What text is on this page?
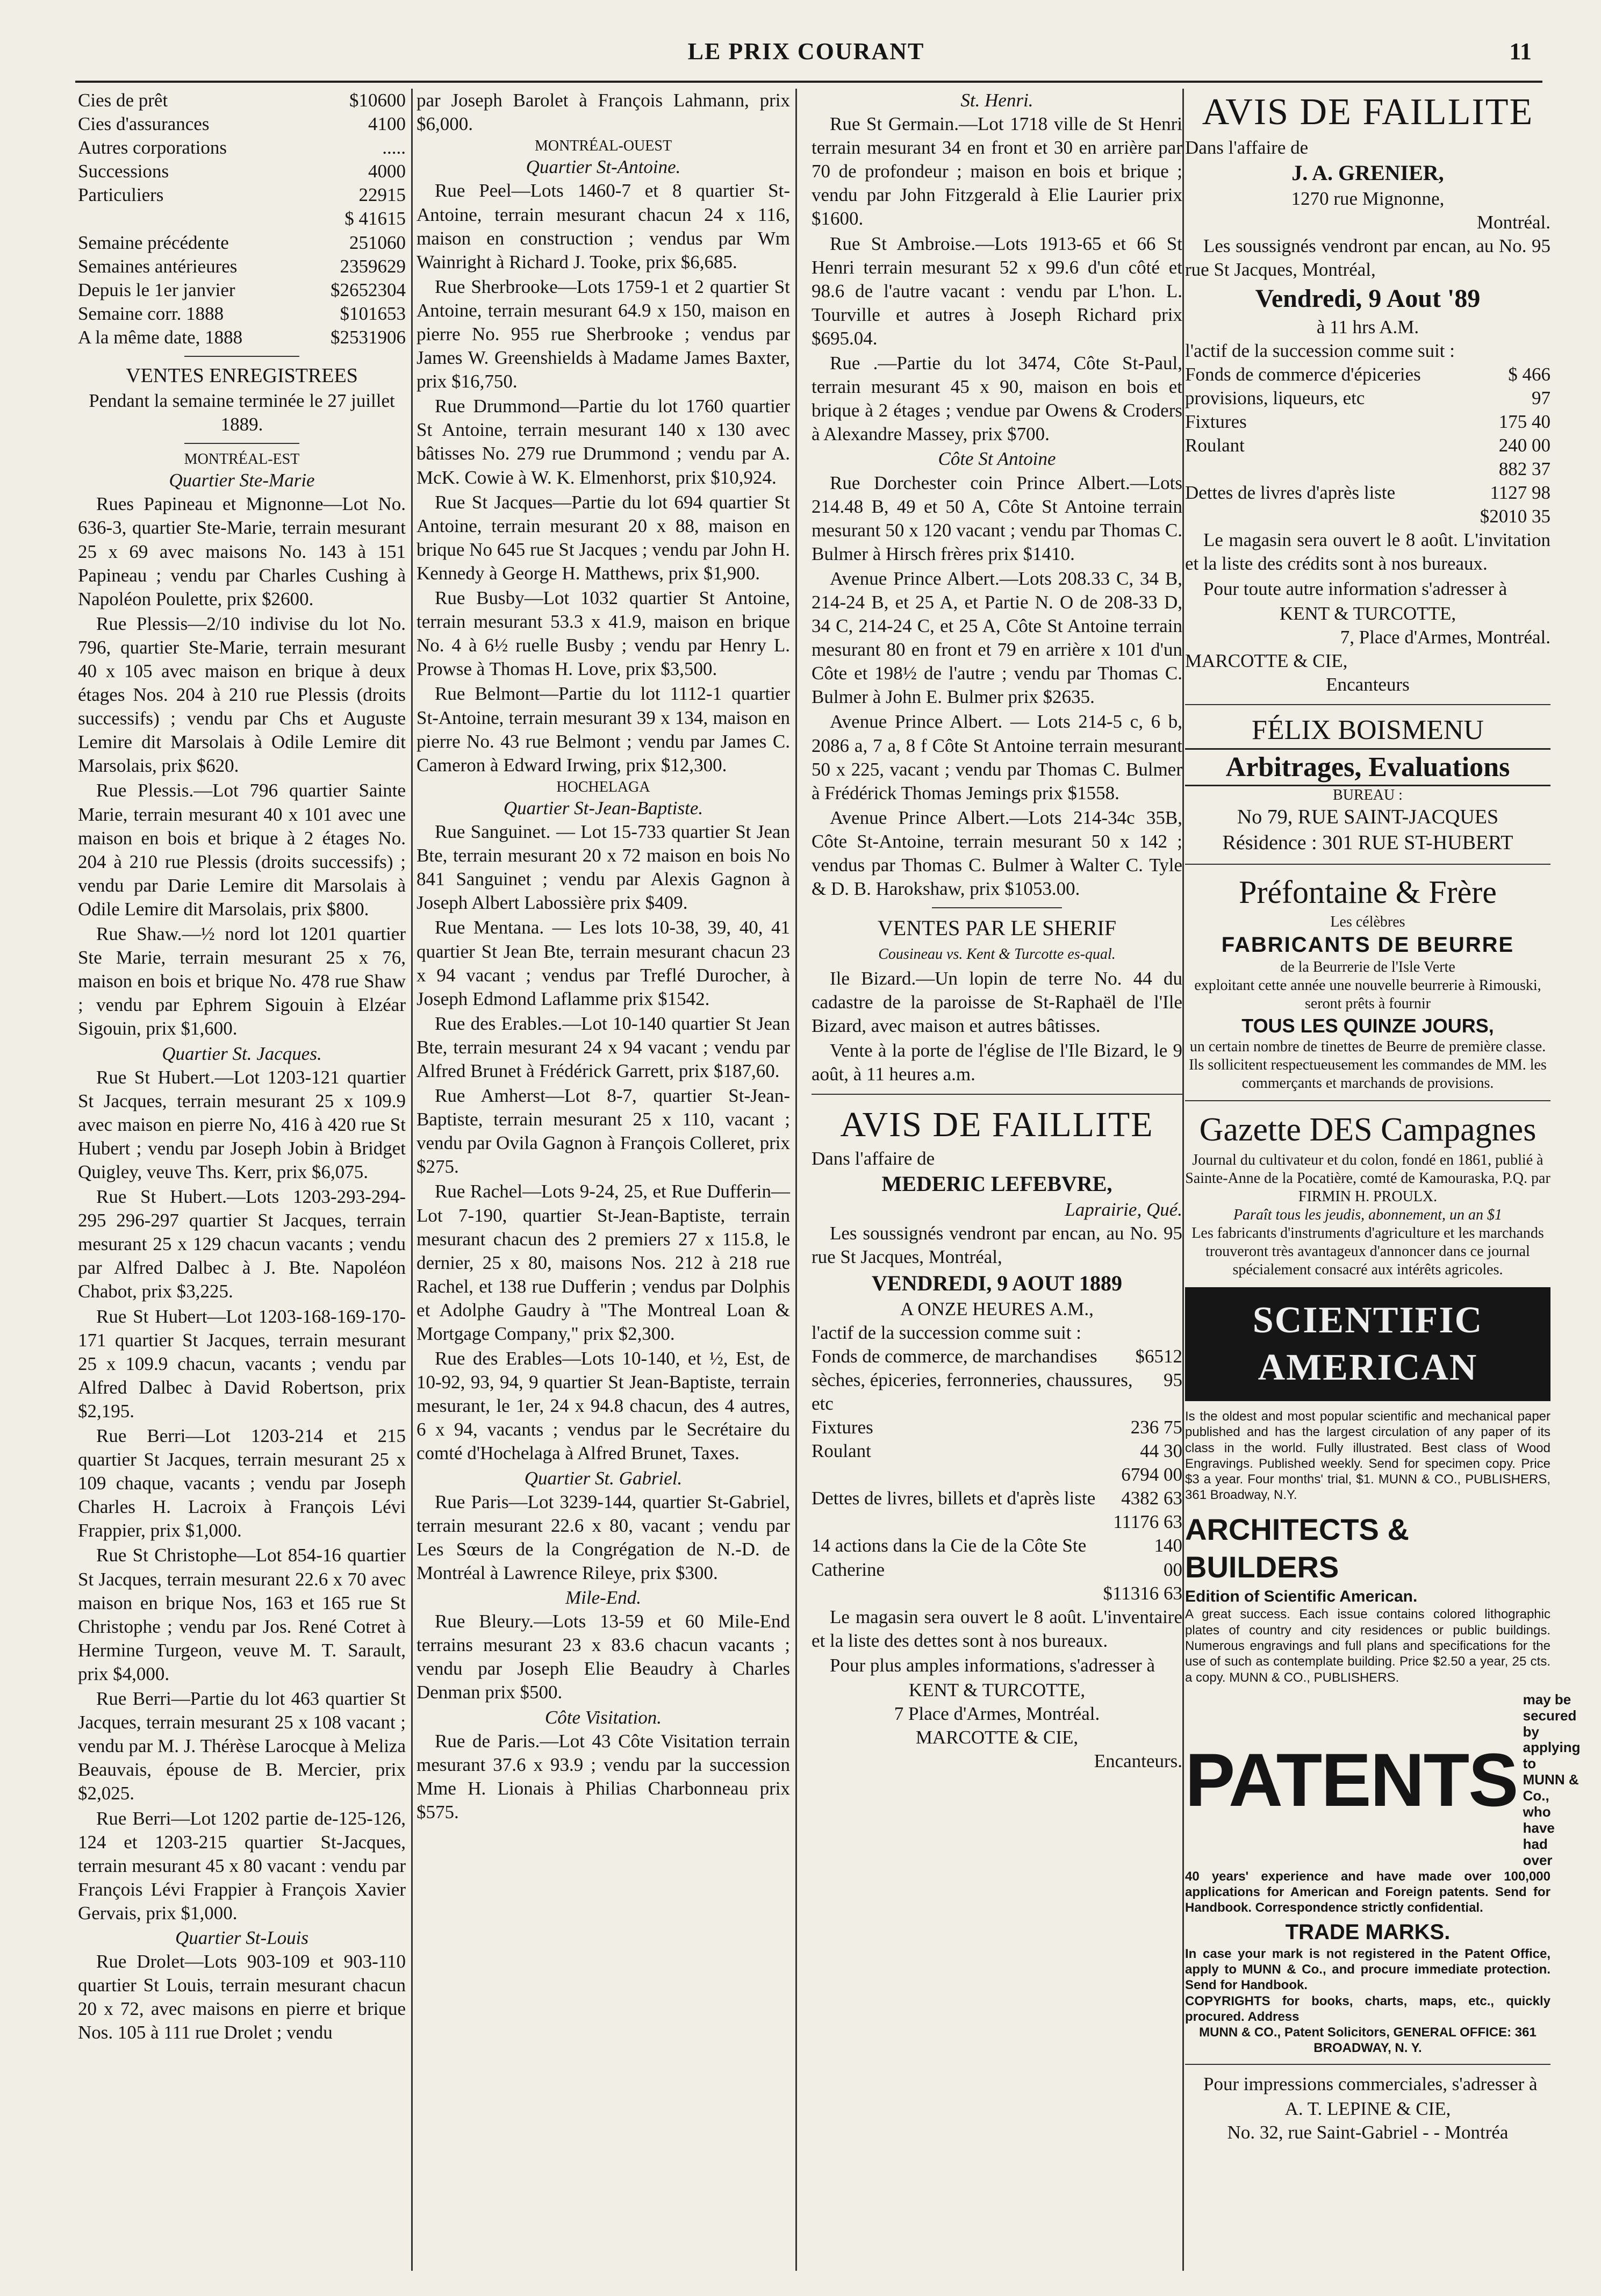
LE PRIX COURANT	11
Cies de prêt	$10600
Cies d'assurances	4100
Autres corporations	.....
Successions	4000
Particuliers	22915
$ 41615
Semaine précédente	251060
Semaines antérieures	2359629
Depuis le 1er janvier	$2652304
Semaine corr. 1888	$101653
A la même date, 1888	$2531906
VENTES ENREGISTREES

Pendant la semaine terminée le 27 juillet 1889.

MONTRÉAL-EST
Quartier Ste-Marie

Rues Papineau et Mignonne—Lot No. 636-3, quartier Ste-Marie, terrain mesurant 25 x 69 avec maisons No. 143 à 151 Papineau ; vendu par Charles Cushing à Napoléon Poulette, prix $2600.

Rue Plessis—2/10 indivise du lot No. 796, quartier Ste-Marie, terrain mesurant 40 x 105 avec maison en brique à deux étages Nos. 204 à 210 rue Plessis (droits successifs) ; vendu par Chs et Auguste Lemire dit Marsolais à Odile Lemire dit Marsolais, prix $620.

Rue Plessis.—Lot 796 quartier Sainte Marie, terrain mesurant 40 x 101 avec une maison en bois et brique à 2 étages No. 204 à 210 rue Plessis (droits successifs) ; vendu par Darie Lemire dit Marsolais à Odile Lemire dit Marsolais, prix $800.

Rue Shaw.—½ nord lot 1201 quartier Ste Marie, terrain mesurant 25 x 76, maison en bois et brique No. 478 rue Shaw ; vendu par Ephrem Sigouin à Elzéar Sigouin, prix $1,600.

Quartier St. Jacques.

Rue St Hubert.—Lot 1203-121 quartier St Jacques, terrain mesurant 25 x 109.9 avec maison en pierre No, 416 à 420 rue St Hubert ; vendu par Joseph Jobin à Bridget Quigley, veuve Ths. Kerr, prix $6,075.

Rue St Hubert.—Lots 1203-293-294-295 296-297 quartier St Jacques, terrain mesurant 25 x 129 chacun vacants ; vendu par Alfred Dalbec à J. Bte. Napoléon Chabot, prix $3,225.

Rue St Hubert—Lot 1203-168-169-170-171 quartier St Jacques, terrain mesurant 25 x 109.9 chacun, vacants ; vendu par Alfred Dalbec à David Robertson, prix $2,195.

Rue Berri—Lot 1203-214 et 215 quartier St Jacques, terrain mesurant 25 x 109 chaque, vacants ; vendu par Joseph Charles H. Lacroix à François Lévi Frappier, prix $1,000.

Rue St Christophe—Lot 854-16 quartier St Jacques, terrain mesurant 22.6 x 70 avec maison en brique Nos, 163 et 165 rue St Christophe ; vendu par Jos. René Cotret à Hermine Turgeon, veuve M. T. Sarault, prix $4,000.

Rue Berri—Partie du lot 463 quartier St Jacques, terrain mesurant 25 x 108 vacant ; vendu par M. J. Thérèse Larocque à Meliza Beauvais, épouse de B. Mercier, prix $2,025.

Rue Berri—Lot 1202 partie de-125-126, 124 et 1203-215 quartier St-Jacques, terrain mesurant 45 x 80 vacant : vendu par François Lévi Frappier à François Xavier Gervais, prix $1,000.

Quartier St-Louis

Rue Drolet—Lots 903-109 et 903-110 quartier St Louis, terrain mesurant chacun 20 x 72, avec maisons en pierre et brique Nos. 105 à 111 rue Drolet ; vendu

par Joseph Barolet à François Lahmann, prix $6,000.

MONTRÉAL-OUEST
Quartier St-Antoine.

Rue Peel—Lots 1460-7 et 8 quartier St-Antoine, terrain mesurant chacun 24 x 116, maison en construction ; vendus par Wm Wainright à Richard J. Tooke, prix $6,685.

Rue Sherbrooke—Lots 1759-1 et 2 quartier St Antoine, terrain mesurant 64.9 x 150, maison en pierre No. 955 rue Sherbrooke ; vendus par James W. Greenshields à Madame James Baxter, prix $16,750.

Rue Drummond—Partie du lot 1760 quartier St Antoine, terrain mesurant 140 x 130 avec bâtisses No. 279 rue Drummond ; vendu par A. McK. Cowie à W. K. Elmenhorst, prix $10,924.

Rue St Jacques—Partie du lot 694 quartier St Antoine, terrain mesurant 20 x 88, maison en brique No 645 rue St Jacques ; vendu par John H. Kennedy à George H. Matthews, prix $1,900.

Rue Busby—Lot 1032 quartier St Antoine, terrain mesurant 53.3 x 41.9, maison en brique No. 4 à 6½ ruelle Busby ; vendu par Henry L. Prowse à Thomas H. Love, prix $3,500.

Rue Belmont—Partie du lot 1112-1 quartier St-Antoine, terrain mesurant 39 x 134, maison en pierre No. 43 rue Belmont ; vendu par James C. Cameron à Edward Irwing, prix $12,300.

HOCHELAGA
Quartier St-Jean-Baptiste.

Rue Sanguinet. — Lot 15-733 quartier St Jean Bte, terrain mesurant 20 x 72 maison en bois No 841 Sanguinet ; vendu par Alexis Gagnon à Joseph Albert Labossière prix $409.

Rue Mentana. — Les lots 10-38, 39, 40, 41 quartier St Jean Bte, terrain mesurant chacun 23 x 94 vacant ; vendus par Treflé Durocher, à Joseph Edmond Laflamme prix $1542.

Rue des Erables.—Lot 10-140 quartier St Jean Bte, terrain mesurant 24 x 94 vacant ; vendu par Alfred Brunet à Frédérick Garrett, prix $187,60.

Rue Amherst—Lot 8-7, quartier St-Jean-Baptiste, terrain mesurant 25 x 110, vacant ; vendu par Ovila Gagnon à François Colleret, prix $275.

Rue Rachel—Lots 9-24, 25, et Rue Dufferin—Lot 7-190, quartier St-Jean-Baptiste, terrain mesurant chacun des 2 premiers 27 x 115.8, le dernier, 25 x 80, maisons Nos. 212 à 218 rue Rachel, et 138 rue Dufferin ; vendus par Dolphis et Adolphe Gaudry à "The Montreal Loan & Mortgage Company," prix $2,300.

Rue des Erables—Lots 10-140, et ½, Est, de 10-92, 93, 94, 9 quartier St Jean-Baptiste, terrain mesurant, le 1er, 24 x 94.8 chacun, des 4 autres, 6 x 94, vacants ; vendus par le Secrétaire du comté d'Hochelaga à Alfred Brunet, Taxes.

Quartier St. Gabriel.

Rue Paris—Lot 3239-144, quartier St-Gabriel, terrain mesurant 22.6 x 80, vacant ; vendu par Les Sœurs de la Congrégation de N.-D. de Montréal à Lawrence Rileye, prix $300.

Mile-End.

Rue Bleury.—Lots 13-59 et 60 Mile-End terrains mesurant 23 x 83.6 chacun vacants ; vendu par Joseph Elie Beaudry à Charles Denman prix $500.

Côte Visitation.

Rue de Paris.—Lot 43 Côte Visitation terrain mesurant 37.6 x 93.9 ; vendu par la succession Mme H. Lionais à Philias Charbonneau prix $575.

St. Henri.

Rue St Germain.—Lot 1718 ville de St Henri terrain mesurant 34 en front et 30 en arrière par 70 de profondeur ; maison en bois et brique ; vendu par John Fitzgerald à Elie Laurier prix $1600.

Rue St Ambroise.—Lots 1913-65 et 66 St Henri terrain mesurant 52 x 99.6 d'un côté et 98.6 de l'autre vacant : vendu par L'hon. L. Tourville et autres à Joseph Richard prix $695.04.

Rue .—Partie du lot 3474, Côte St-Paul, terrain mesurant 45 x 90, maison en bois et brique à 2 étages ; vendue par Owens & Croders à Alexandre Massey, prix $700.

Côte St Antoine

Rue Dorchester coin Prince Albert.—Lots 214.48 B, 49 et 50 A, Côte St Antoine terrain mesurant 50 x 120 vacant ; vendu par Thomas C. Bulmer à Hirsch frères prix $1410.

Avenue Prince Albert.—Lots 208.33 C, 34 B, 214-24 B, et 25 A, et Partie N. O de 208-33 D, 34 C, 214-24 C, et 25 A, Côte St Antoine terrain mesurant 80 en front et 79 en arrière x 101 d'un Côte et 198½ de l'autre ; vendu par Thomas C. Bulmer à John E. Bulmer prix $2635.

Avenue Prince Albert. — Lots 214-5 c, 6 b, 2086 a, 7 a, 8 f Côte St Antoine terrain mesurant 50 x 225, vacant ; vendu par Thomas C. Bulmer à Frédérick Thomas Jemings prix $1558.

Avenue Prince Albert.—Lots 214-34c 35B, Côte St-Antoine, terrain mesurant 50 x 142 ; vendus par Thomas C. Bulmer à Walter C. Tyle & D. B. Harokshaw, prix $1053.00.

VENTES PAR LE SHERIF
Cousineau vs. Kent & Turcotte es-qual.

Ile Bizard.—Un lopin de terre No. 44 du cadastre de la paroisse de St-Raphaël de l'Ile Bizard, avec maison et autres bâtisses.

Vente à la porte de l'église de l'Ile Bizard, le 9 août, à 11 heures a.m.

AVIS DE FAILLITE
Dans l'affaire de
MEDERIC LEFEBVRE,
Laprairie, Qué.

Les soussignés vendront par encan, au No. 95 rue St Jacques, Montréal,

VENDREDI, 9 AOUT 1889
A ONZE HEURES A.M.,
l'actif de la succession comme suit :
Fonds de commerce, de marchandises sèches, épiceries, ferronneries, chaussures, etc
$6512 95
Fixtures	236 75
Roulant	44 30
6794 00
Dettes de livres, billets et d'après liste 4382 63
11176 63
14 actions dans la Cie de la Côte Ste Catherine
140 00
$11316 63

Le magasin sera ouvert le 8 août. L'inventaire et la liste des dettes sont à nos bureaux.

Pour plus amples informations, s'adresser à

KENT & TURCOTTE,
7 Place d'Armes, Montréal.
MARCOTTE & CIE,
Encanteurs.
AVIS DE FAILLITE
Dans l'affaire de
J. A. GRENIER,
1270 rue Mignonne,
Montréal.

Les soussignés vendront par encan, au No. 95 rue St Jacques, Montréal,

Vendredi, 9 Aout '89
à 11 hrs A.M.
l'actif de la succession comme suit :
Fonds de commerce d'épiceries provisions, liqueurs, etc
$ 466 97
Fixtures	175 40
Roulant	240 00
882 37
Dettes de livres d'après liste	1127 98
$2010 35

Le magasin sera ouvert le 8 août. L'invitation et la liste des crédits sont à nos bureaux.

Pour toute autre information s'adresser à

KENT & TURCOTTE,
7, Place d'Armes, Montréal.
MARCOTTE & CIE,
Encanteurs
FÉLIX BOISMENU
Arbitrages, Evaluations
BUREAU :
No 79, RUE SAINT-JACQUES
Résidence : 301 RUE ST-HUBERT
Préfontaine & Frère
Les célèbres
FABRICANTS DE BEURRE
de la Beurrerie de l'Isle Verte
exploitant cette année une nouvelle beurrerie à Rimouski, seront prêts à fournir
TOUS LES QUINZE JOURS,
un certain nombre de tinettes de Beurre de première classe. Ils sollicitent respectueusement les commandes de MM. les commerçants et marchands de provisions.
Gazette DES Campagnes
Journal du cultivateur et du colon, fondé en 1861, publié à Sainte-Anne de la Pocatière, comté de Kamouraska, P.Q. par FIRMIN H. PROULX.
Paraît tous les jeudis, abonnement, un an $1
Les fabricants d'instruments d'agriculture et les marchands trouveront très avantageux d'annoncer dans ce journal spécialement consacré aux intérêts agricoles.
SCIENTIFIC AMERICAN
Is the oldest and most popular scientific and mechanical paper published and has the largest circulation of any paper of its class in the world. Fully illustrated. Best class of Wood Engravings. Published weekly. Send for specimen copy. Price $3 a year. Four months' trial, $1. MUNN & CO., PUBLISHERS, 361 Broadway, N.Y.
ARCHITECTS & BUILDERS
Edition of Scientific American.
A great success. Each issue contains colored lithographic plates of country and city residences or public buildings. Numerous engravings and full plans and specifications for the use of such as contemplate building. Price $2.50 a year, 25 cts. a copy. MUNN & CO., PUBLISHERS.
PATENTS
may be secured by applying to MUNN & Co., who have had over
40 years' experience and have made over 100,000 applications for American and Foreign patents. Send for Handbook. Correspondence strictly confidential.
TRADE MARKS.
In case your mark is not registered in the Patent Office, apply to MUNN & Co., and procure immediate protection. Send for Handbook.
COPYRIGHTS for books, charts, maps, etc., quickly procured. Address
MUNN & CO., Patent Solicitors, GENERAL OFFICE: 361 BROADWAY, N. Y.

Pour impressions commerciales, s'adresser à

A. T. LEPINE & CIE,
No. 32, rue Saint-Gabriel - - Montréa
